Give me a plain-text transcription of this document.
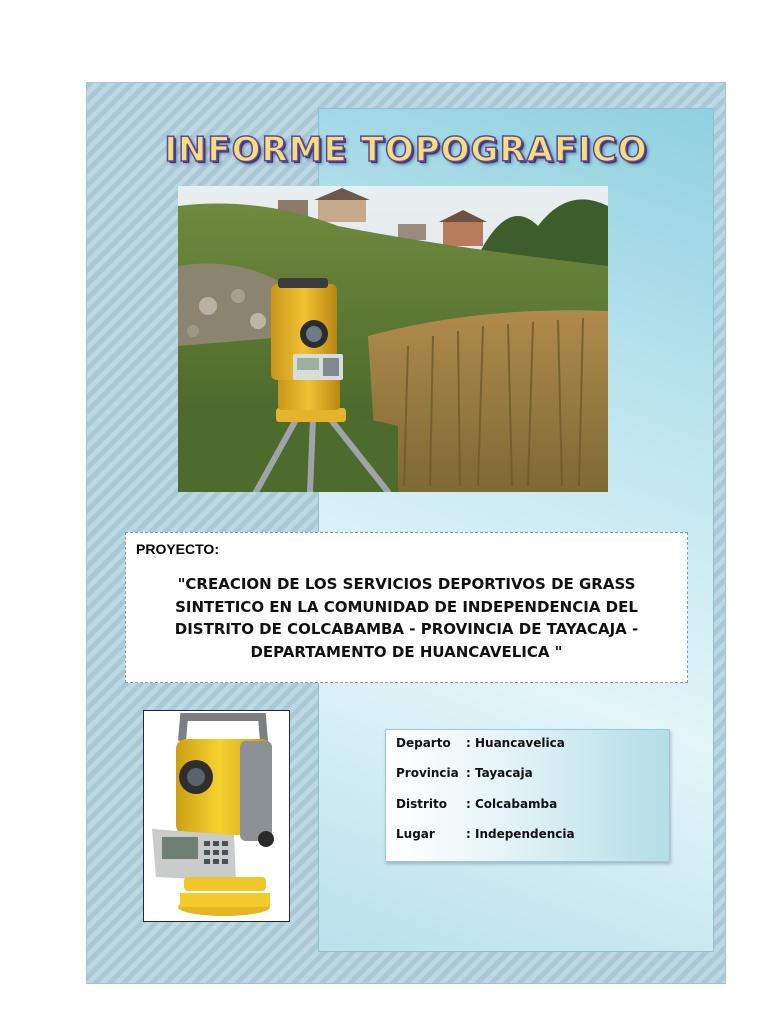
INFORME TOPOGRAFICO

PROYECTO:

"CREACION DE LOS SERVICIOS DEPORTIVOS DE GRASS SINTETICO EN LA COMUNIDAD DE INDEPENDENCIA DEL DISTRITO DE COLCABAMBA - PROVINCIA DE TAYACAJA - DEPARTAMENTO DE HUANCAVELICA "

Departo : Huancavelica
Provincia : Tayacaja
Distrito : Colcabamba
Lugar	: Independencia
